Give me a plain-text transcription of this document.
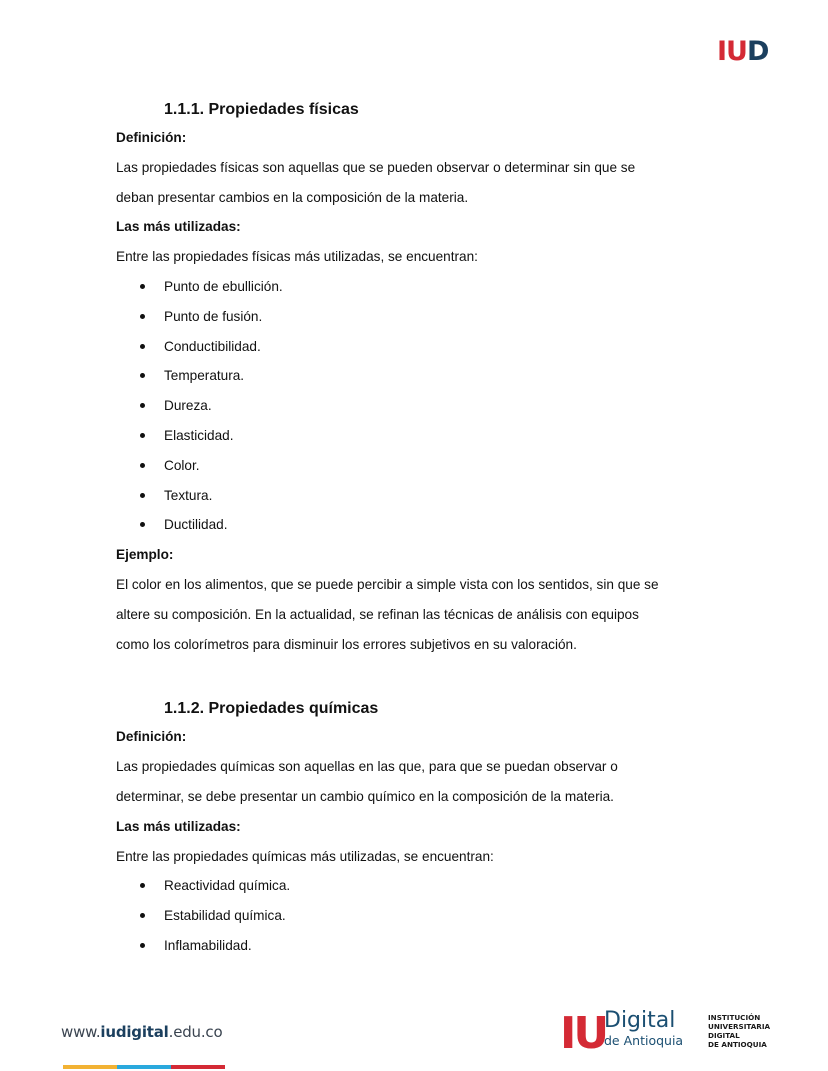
IUD
1.1.1. Propiedades físicas

Definición:

Las propiedades físicas son aquellas que se pueden observar o determinar sin que se

deban presentar cambios en la composición de la materia.

Las más utilizadas:

Entre las propiedades físicas más utilizadas, se encuentran:

Punto de ebullición.
Punto de fusión.
Conductibilidad.
Temperatura.
Dureza.
Elasticidad.
Color.
Textura.
Ductilidad.

Ejemplo:

El color en los alimentos, que se puede percibir a simple vista con los sentidos, sin que se

altere su composición. En la actualidad, se refinan las técnicas de análisis con equipos

como los colorímetros para disminuir los errores subjetivos en su valoración.

1.1.2. Propiedades químicas

Definición:

Las propiedades químicas son aquellas en las que, para que se puedan observar o

determinar, se debe presentar un cambio químico en la composición de la materia.

Las más utilizadas:

Entre las propiedades químicas más utilizadas, se encuentran:

Reactividad química.
Estabilidad química.
Inflamabilidad.
www.iudigital.edu.co	IU
Digital
de Antioquia
INSTITUCIÓN
UNIVERSITARIA
DIGITAL
DE ANTIOQUIA
